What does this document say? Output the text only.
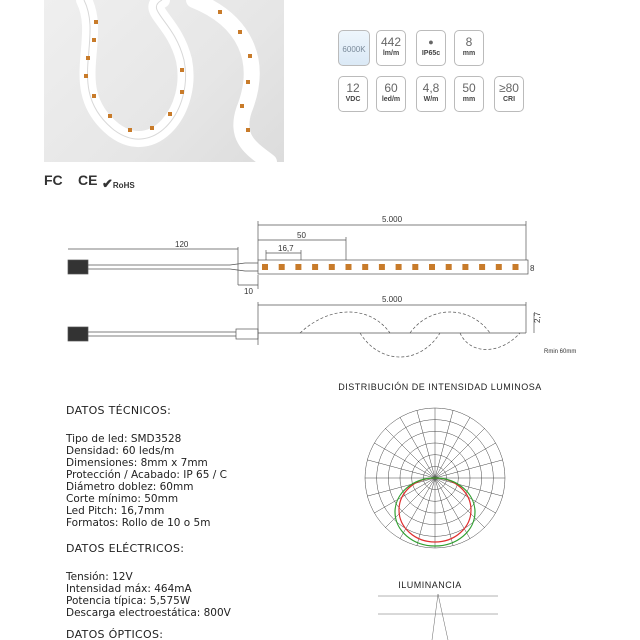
6000K
442
lm/m
●
IP65c
8
mm
12
VDC
60
led/m
4,8
W/m
50
mm
≥80
CRI
FC CE ✔RoHS
5.000
50
16,7
120
10
8
5.000
2,7
Rmin 60mm
DISTRIBUCIÓN DE INTENSIDAD LUMINOSA
ILUMINANCIA
DATOS TÉCNICOS:
Tipo de led: SMD3528
Densidad: 60 leds/m
Dimensiones: 8mm x 7mm
Protección / Acabado: IP 65 / C
Diámetro doblez: 60mm
Corte mínimo: 50mm
Led Pitch: 16,7mm
Formatos: Rollo de 10 o 5m
DATOS ELÉCTRICOS:
Tensión: 12V
Intensidad máx: 464mA
Potencia típica: 5,575W
Descarga electroestática: 800V
DATOS ÓPTICOS:
